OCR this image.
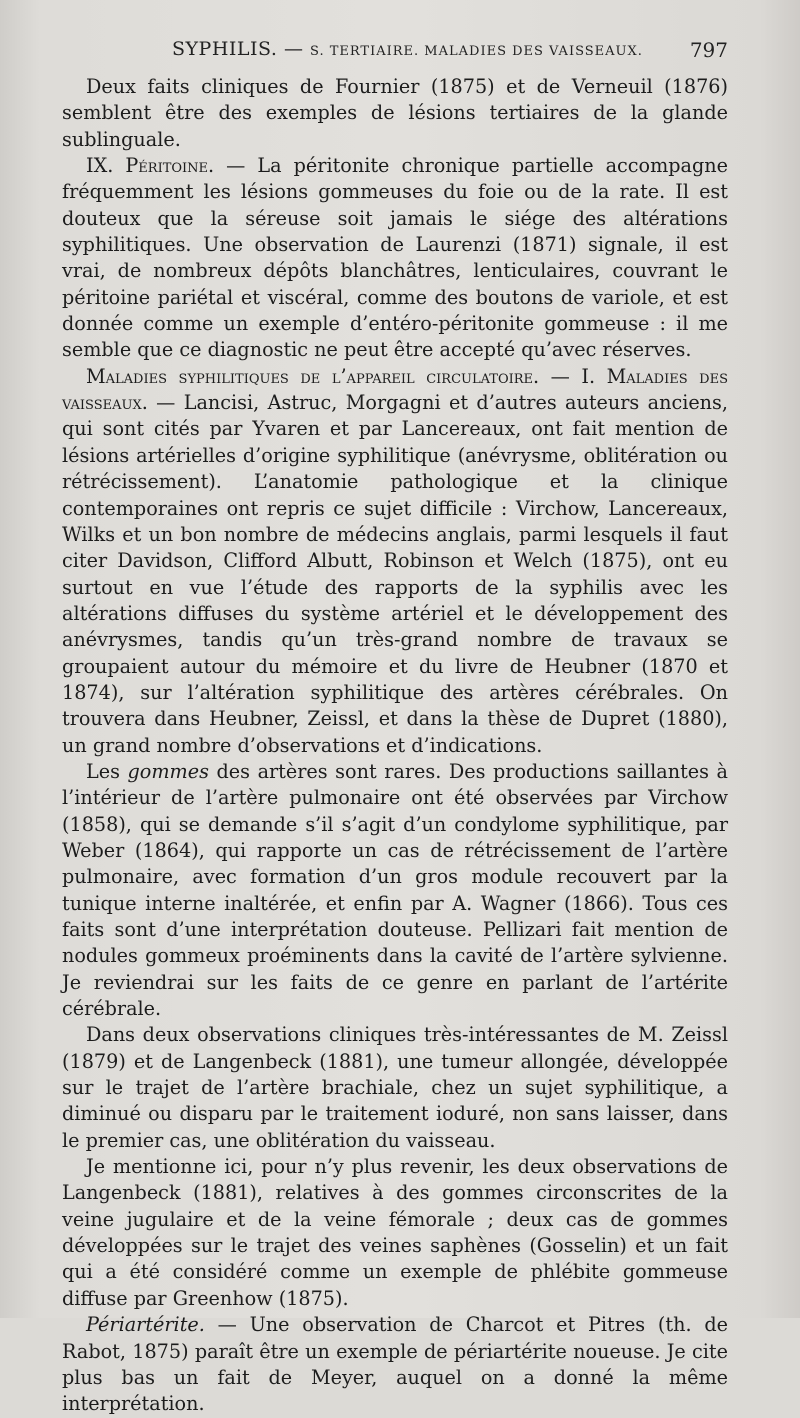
SYPHILIS. — S. TERTIAIRE. MALADIES DES VAISSEAUX. 797

Deux faits cliniques de Fournier (1875) et de Verneuil (1876) semblent être des exemples de lésions tertiaires de la glande sublinguale.

IX. Péritoine. — La péritonite chronique partielle accompagne fréquemment les lésions gommeuses du foie ou de la rate. Il est douteux que la séreuse soit jamais le siége des altérations syphilitiques. Une observation de Laurenzi (1871) signale, il est vrai, de nombreux dépôts blanchâtres, lenticulaires, couvrant le péritoine pariétal et viscéral, comme des boutons de variole, et est donnée comme un exemple d’entéro-péritonite gommeuse : il me semble que ce diagnostic ne peut être accepté qu’avec réserves.

Maladies syphilitiques de l’appareil circulatoire. — I. Maladies des vaisseaux. — Lancisi, Astruc, Morgagni et d’autres auteurs anciens, qui sont cités par Yvaren et par Lancereaux, ont fait mention de lésions artérielles d’origine syphilitique (anévrysme, oblitération ou rétrécissement). L’anatomie pathologique et la clinique contemporaines ont repris ce sujet difficile : Virchow, Lancereaux, Wilks et un bon nombre de médecins anglais, parmi lesquels il faut citer Davidson, Clifford Albutt, Robinson et Welch (1875), ont eu surtout en vue l’étude des rapports de la syphilis avec les altérations diffuses du système artériel et le développement des anévrysmes, tandis qu’un très-grand nombre de travaux se groupaient autour du mémoire et du livre de Heubner (1870 et 1874), sur l’altération syphilitique des artères cérébrales. On trouvera dans Heubner, Zeissl, et dans la thèse de Dupret (1880), un grand nombre d’observations et d’indications.

Les gommes des artères sont rares. Des productions saillantes à l’intérieur de l’artère pulmonaire ont été observées par Virchow (1858), qui se demande s’il s’agit d’un condylome syphilitique, par Weber (1864), qui rapporte un cas de rétrécissement de l’artère pulmonaire, avec formation d’un gros module recouvert par la tunique interne inaltérée, et enfin par A. Wagner (1866). Tous ces faits sont d’une interprétation douteuse. Pellizari fait mention de nodules gommeux proéminents dans la cavité de l’artère sylvienne. Je reviendrai sur les faits de ce genre en parlant de l’artérite cérébrale.

Dans deux observations cliniques très-intéressantes de M. Zeissl (1879) et de Langenbeck (1881), une tumeur allongée, développée sur le trajet de l’artère brachiale, chez un sujet syphilitique, a diminué ou disparu par le traitement ioduré, non sans laisser, dans le premier cas, une oblitération du vaisseau.

Je mentionne ici, pour n’y plus revenir, les deux observations de Langenbeck (1881), relatives à des gommes circonscrites de la veine jugulaire et de la veine fémorale ; deux cas de gommes développées sur le trajet des veines saphènes (Gosselin) et un fait qui a été considéré comme un exemple de phlébite gommeuse diffuse par Greenhow (1875).

Périartérite. — Une observation de Charcot et Pitres (th. de Rabot, 1875) paraît être un exemple de périartérite noueuse. Je cite plus bas un fait de Meyer, auquel on a donné la même interprétation.
